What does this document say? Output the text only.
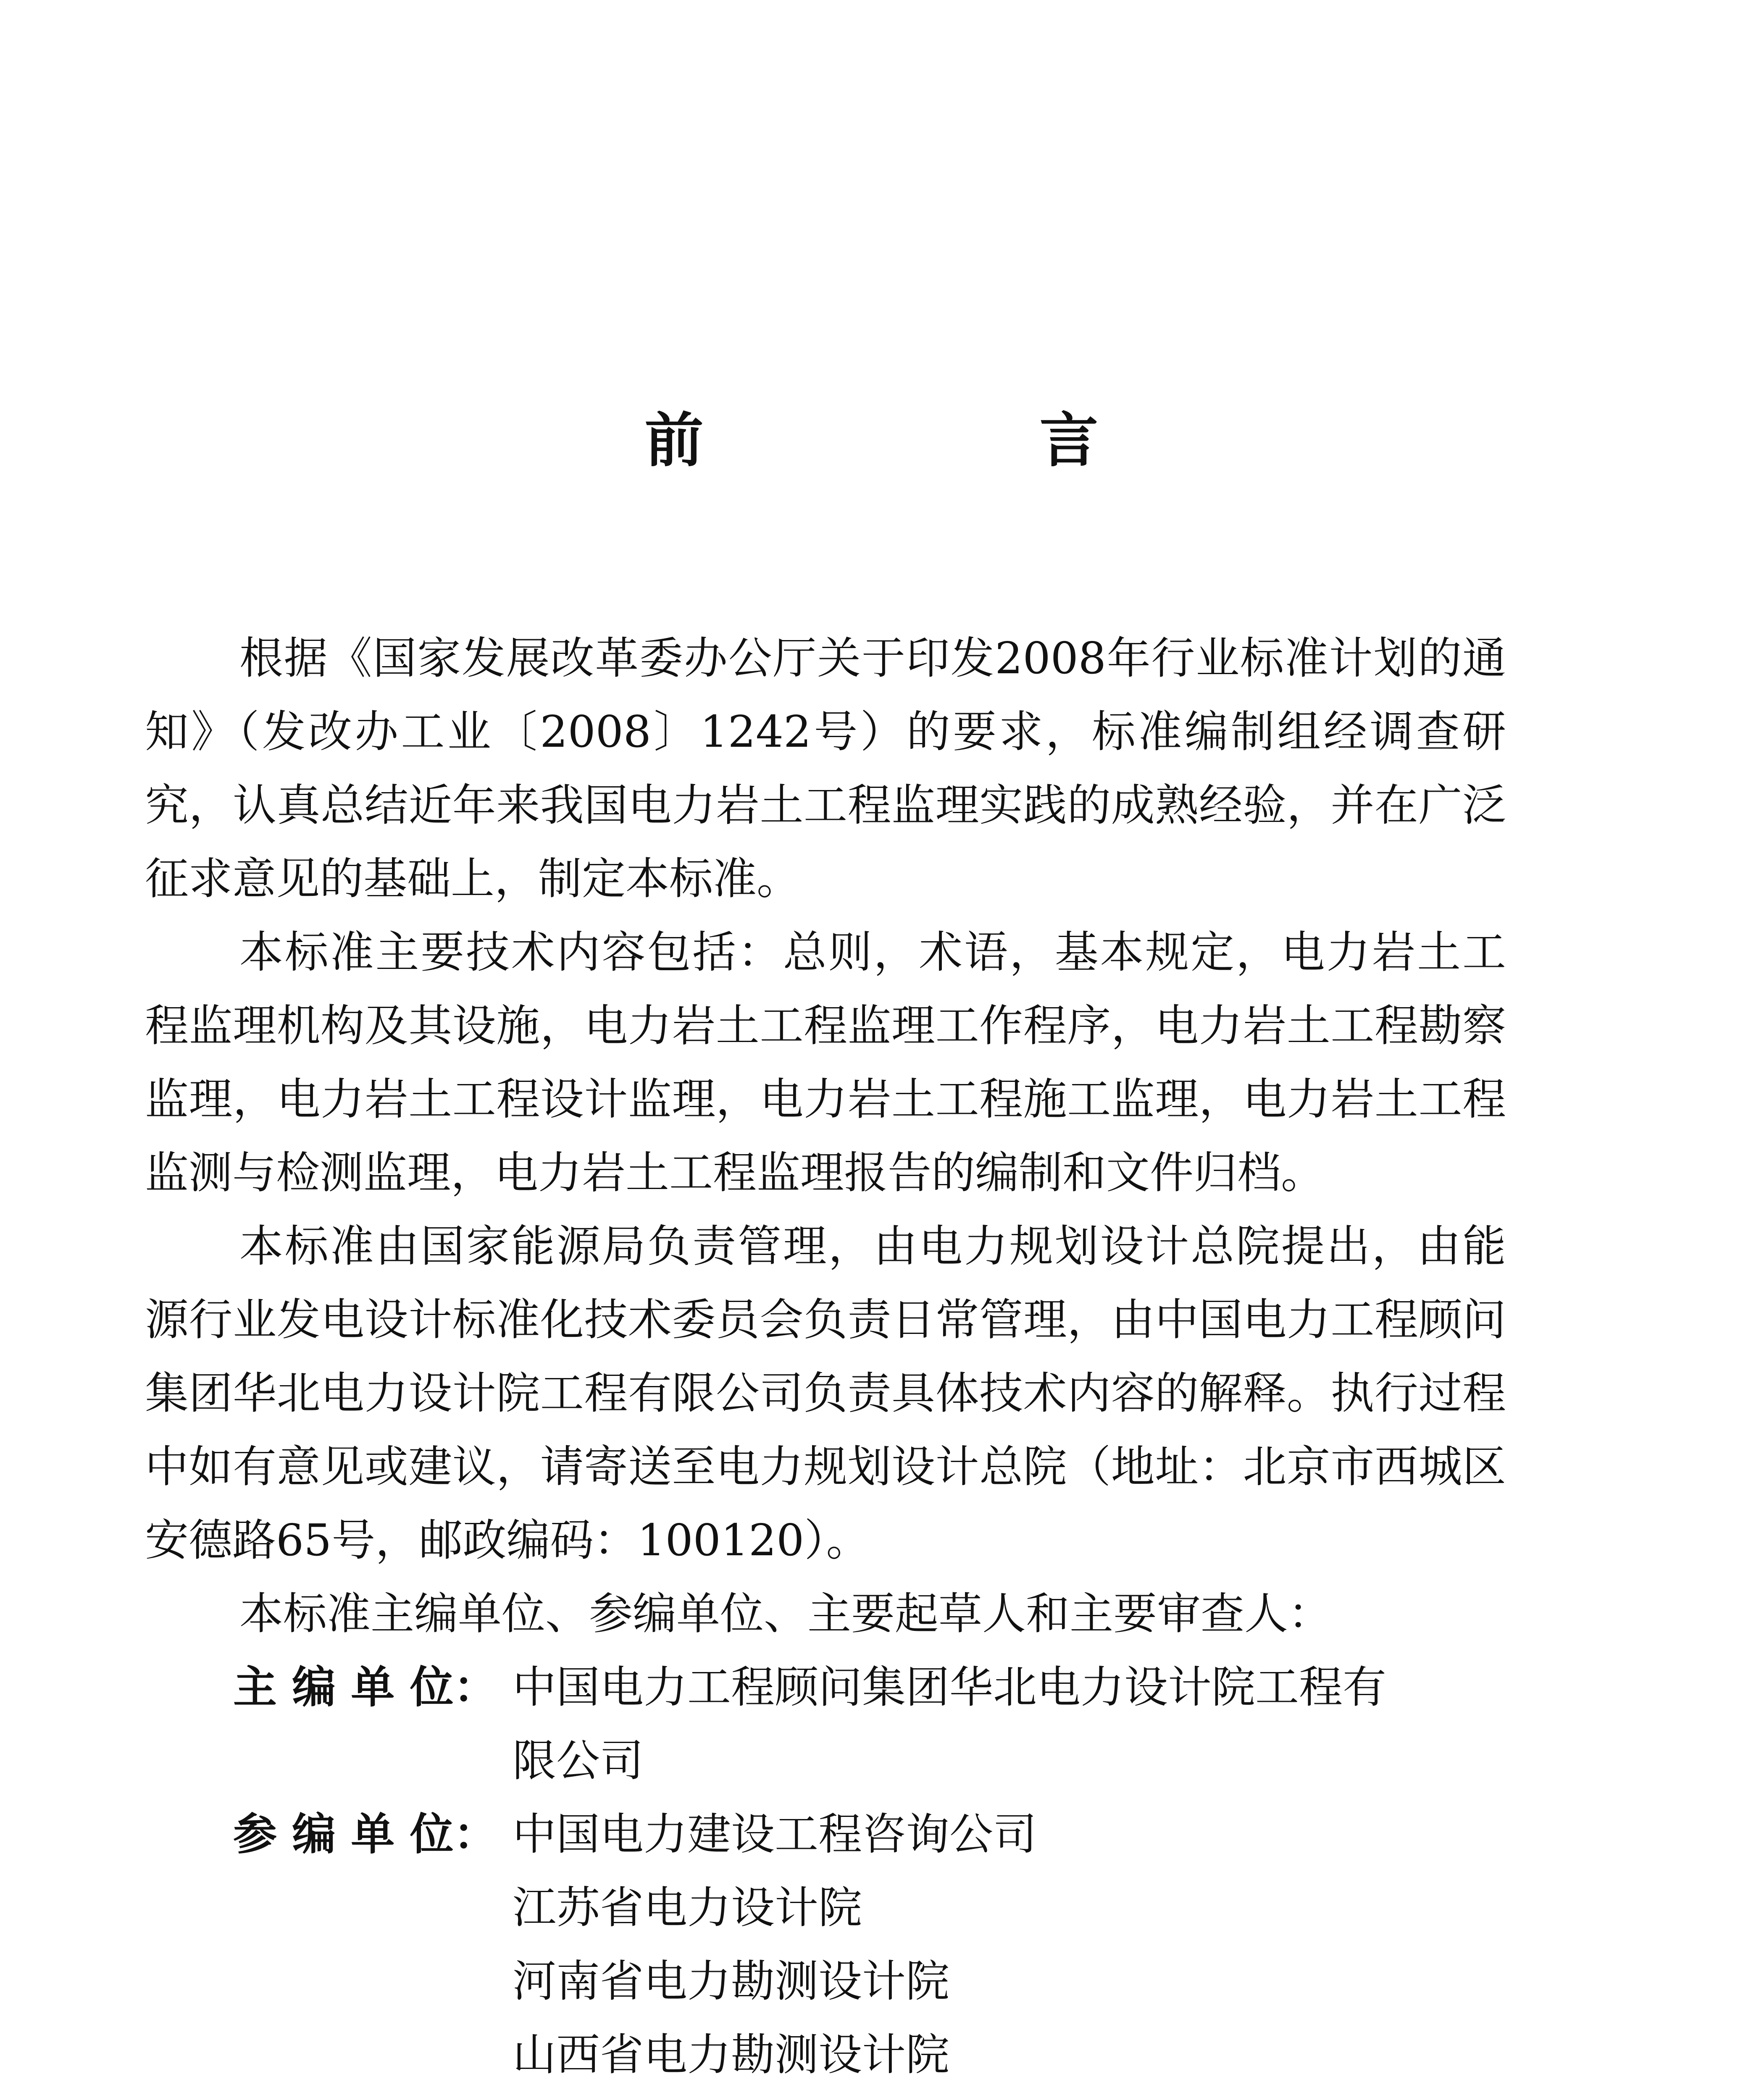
前　言

根据《国家发展改革委办公厅关于印发2008年行业标准计划的通知》（发改办工业〔2008〕1242号）的要求，标准编制组经调查研究，认真总结近年来我国电力岩土工程监理实践的成熟经验，并在广泛征求意见的基础上，制定本标准。

本标准主要技术内容包括：总则，术语，基本规定，电力岩土工程监理机构及其设施，电力岩土工程监理工作程序，电力岩土工程勘察监理，电力岩土工程设计监理，电力岩土工程施工监理，电力岩土工程监测与检测监理，电力岩土工程监理报告的编制和文件归档。

本标准由国家能源局负责管理，由电力规划设计总院提出，由能源行业发电设计标准化技术委员会负责日常管理，由中国电力工程顾问集团华北电力设计院工程有限公司负责具体技术内容的解释。执行过程中如有意见或建议，请寄送至电力规划设计总院（地址：北京市西城区安德路65号，邮政编码：100120）。

本标准主编单位、参编单位、主要起草人和主要审查人：

主 编 单 位： 中国电力工程顾问集团华北电力设计院工程有
限公司
参 编 单 位： 中国电力建设工程咨询公司
江苏省电力设计院
河南省电力勘测设计院
山西省电力勘测设计院
